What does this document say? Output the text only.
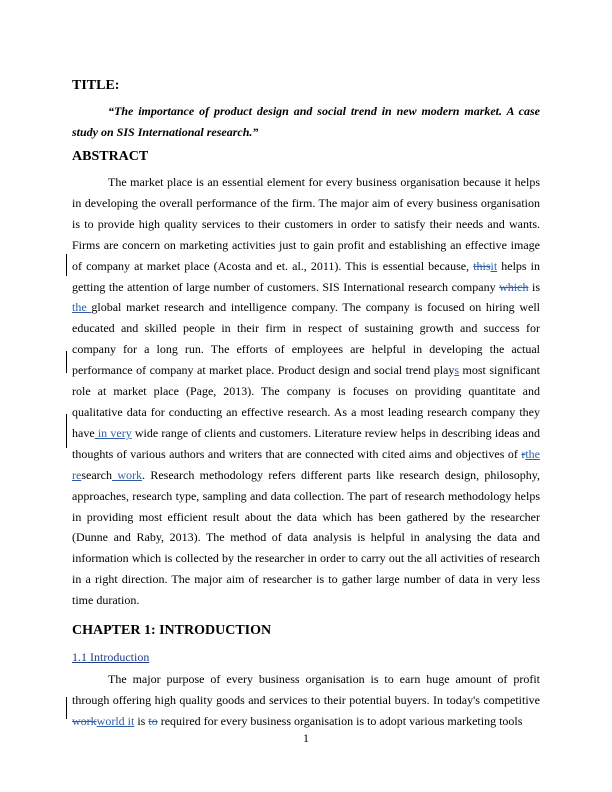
TITLE:

“The importance of product design and social trend in new modern market. A case study on SIS International research.”

ABSTRACT

The market place is an essential element for every business organisation because it helps in developing the overall performance of the firm. The major aim of every business organisation is to provide high quality services to their customers in order to satisfy their needs and wants. Firms are concern on marketing activities just to gain profit and establishing an effective image of company at market place (Acosta and et. al., 2011). This is essential because, thisit helps in getting the attention of large number of customers. SIS International research company which is the global market research and intelligence company. The company is focused on hiring well educated and skilled people in their firm in respect of sustaining growth and success for company for a long run. The efforts of employees are helpful in developing the actual performance of company at market place. Product design and social trend plays most significant role at market place (Page, 2013). The company is focuses on providing quantitate and qualitative data for conducting an effective research. As a most leading research company they have in very wide range of clients and customers. Literature review helps in describing ideas and thoughts of various authors and writers that are connected with cited aims and objectives of rthe research work. Research methodology refers different parts like research design, philosophy, approaches, research type, sampling and data collection. The part of research methodology helps in providing most efficient result about the data which has been gathered by the researcher (Dunne and Raby, 2013). The method of data analysis is helpful in analysing the data and information which is collected by the researcher in order to carry out the all activities of research in a right direction. The major aim of researcher is to gather large number of data in very less time duration.

CHAPTER 1: INTRODUCTION
1.1 Introduction

The major purpose of every business organisation is to earn huge amount of profit through offering high quality goods and services to their potential buyers. In today's competitive workworld it is to required for every business organisation is to adopt various marketing tools

1
